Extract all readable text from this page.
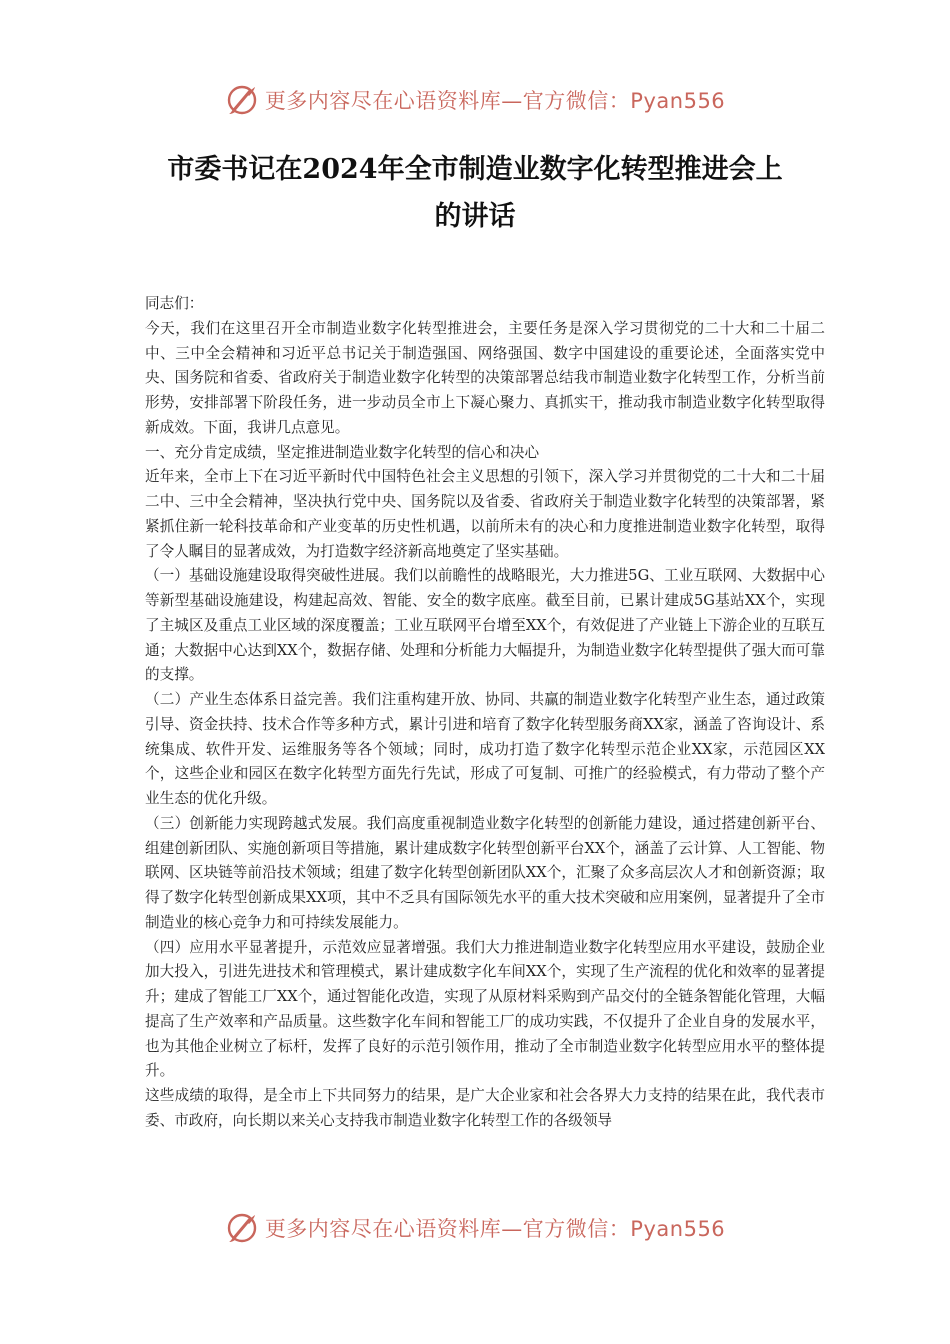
更多内容尽在心语资料库—官方微信：Pyan556
市委书记在2024年全市制造业数字化转型推进会上
的讲话

同志们：

今天，我们在这里召开全市制造业数字化转型推进会，主要任务是深入学习贯彻党的二十大和二十届二中、三中全会精神和习近平总书记关于制造强国、网络强国、数字中国建设的重要论述，全面落实党中央、国务院和省委、省政府关于制造业数字化转型的决策部署总结我市制造业数字化转型工作，分析当前形势，安排部署下阶段任务，进一步动员全市上下凝心聚力、真抓实干，推动我市制造业数字化转型取得新成效。下面，我讲几点意见。

一、充分肯定成绩，坚定推进制造业数字化转型的信心和决心

近年来，全市上下在习近平新时代中国特色社会主义思想的引领下，深入学习并贯彻党的二十大和二十届二中、三中全会精神，坚决执行党中央、国务院以及省委、省政府关于制造业数字化转型的决策部署，紧紧抓住新一轮科技革命和产业变革的历史性机遇，以前所未有的决心和力度推进制造业数字化转型，取得了令人瞩目的显著成效，为打造数字经济新高地奠定了坚实基础。

（一）基础设施建设取得突破性进展。我们以前瞻性的战略眼光，大力推进5G、工业互联网、大数据中心等新型基础设施建设，构建起高效、智能、安全的数字底座。截至目前，已累计建成5G基站XX个，实现了主城区及重点工业区域的深度覆盖；工业互联网平台增至XX个，有效促进了产业链上下游企业的互联互通；大数据中心达到XX个，数据存储、处理和分析能力大幅提升，为制造业数字化转型提供了强大而可靠的支撑。

（二）产业生态体系日益完善。我们注重构建开放、协同、共赢的制造业数字化转型产业生态，通过政策引导、资金扶持、技术合作等多种方式，累计引进和培育了数字化转型服务商XX家，涵盖了咨询设计、系统集成、软件开发、运维服务等各个领域；同时，成功打造了数字化转型示范企业XX家，示范园区XX个，这些企业和园区在数字化转型方面先行先试，形成了可复制、可推广的经验模式，有力带动了整个产业生态的优化升级。

（三）创新能力实现跨越式发展。我们高度重视制造业数字化转型的创新能力建设，通过搭建创新平台、组建创新团队、实施创新项目等措施，累计建成数字化转型创新平台XX个，涵盖了云计算、人工智能、物联网、区块链等前沿技术领域；组建了数字化转型创新团队XX个，汇聚了众多高层次人才和创新资源；取得了数字化转型创新成果XX项，其中不乏具有国际领先水平的重大技术突破和应用案例，显著提升了全市制造业的核心竞争力和可持续发展能力。

（四）应用水平显著提升，示范效应显著增强。我们大力推进制造业数字化转型应用水平建设，鼓励企业加大投入，引进先进技术和管理模式，累计建成数字化车间XX个，实现了生产流程的优化和效率的显著提升；建成了智能工厂XX个，通过智能化改造，实现了从原材料采购到产品交付的全链条智能化管理，大幅提高了生产效率和产品质量。这些数字化车间和智能工厂的成功实践，不仅提升了企业自身的发展水平，也为其他企业树立了标杆，发挥了良好的示范引领作用，推动了全市制造业数字化转型应用水平的整体提升。

这些成绩的取得，是全市上下共同努力的结果，是广大企业家和社会各界大力支持的结果在此，我代表市委、市政府，向长期以来关心支持我市制造业数字化转型工作的各级领导

更多内容尽在心语资料库—官方微信：Pyan556
